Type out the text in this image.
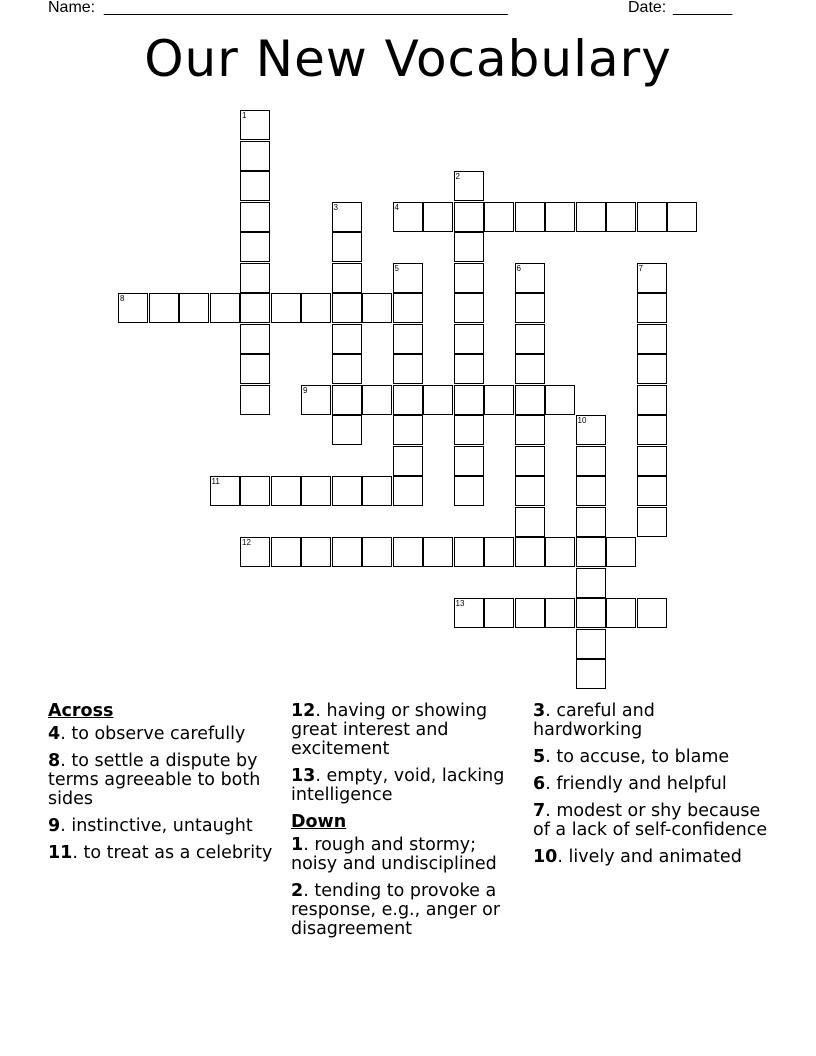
Name: ________________________________________________	Date: _______
Our New Vocabulary
1
2
3	4
5	6	7
8
9
10
11
12
13
Across
4. to observe carefully
8. to settle a dispute by terms agreeable to both sides
9. instinctive, untaught
11. to treat as a celebrity
12. having or showing great interest and excitement
13. empty, void, lacking intelligence
Down
1. rough and stormy; noisy and undisciplined
2. tending to provoke a response, e.g., anger or disagreement
3. careful and hardworking
5. to accuse, to blame
6. friendly and helpful
7. modest or shy because of a lack of self-confidence
10. lively and animated
